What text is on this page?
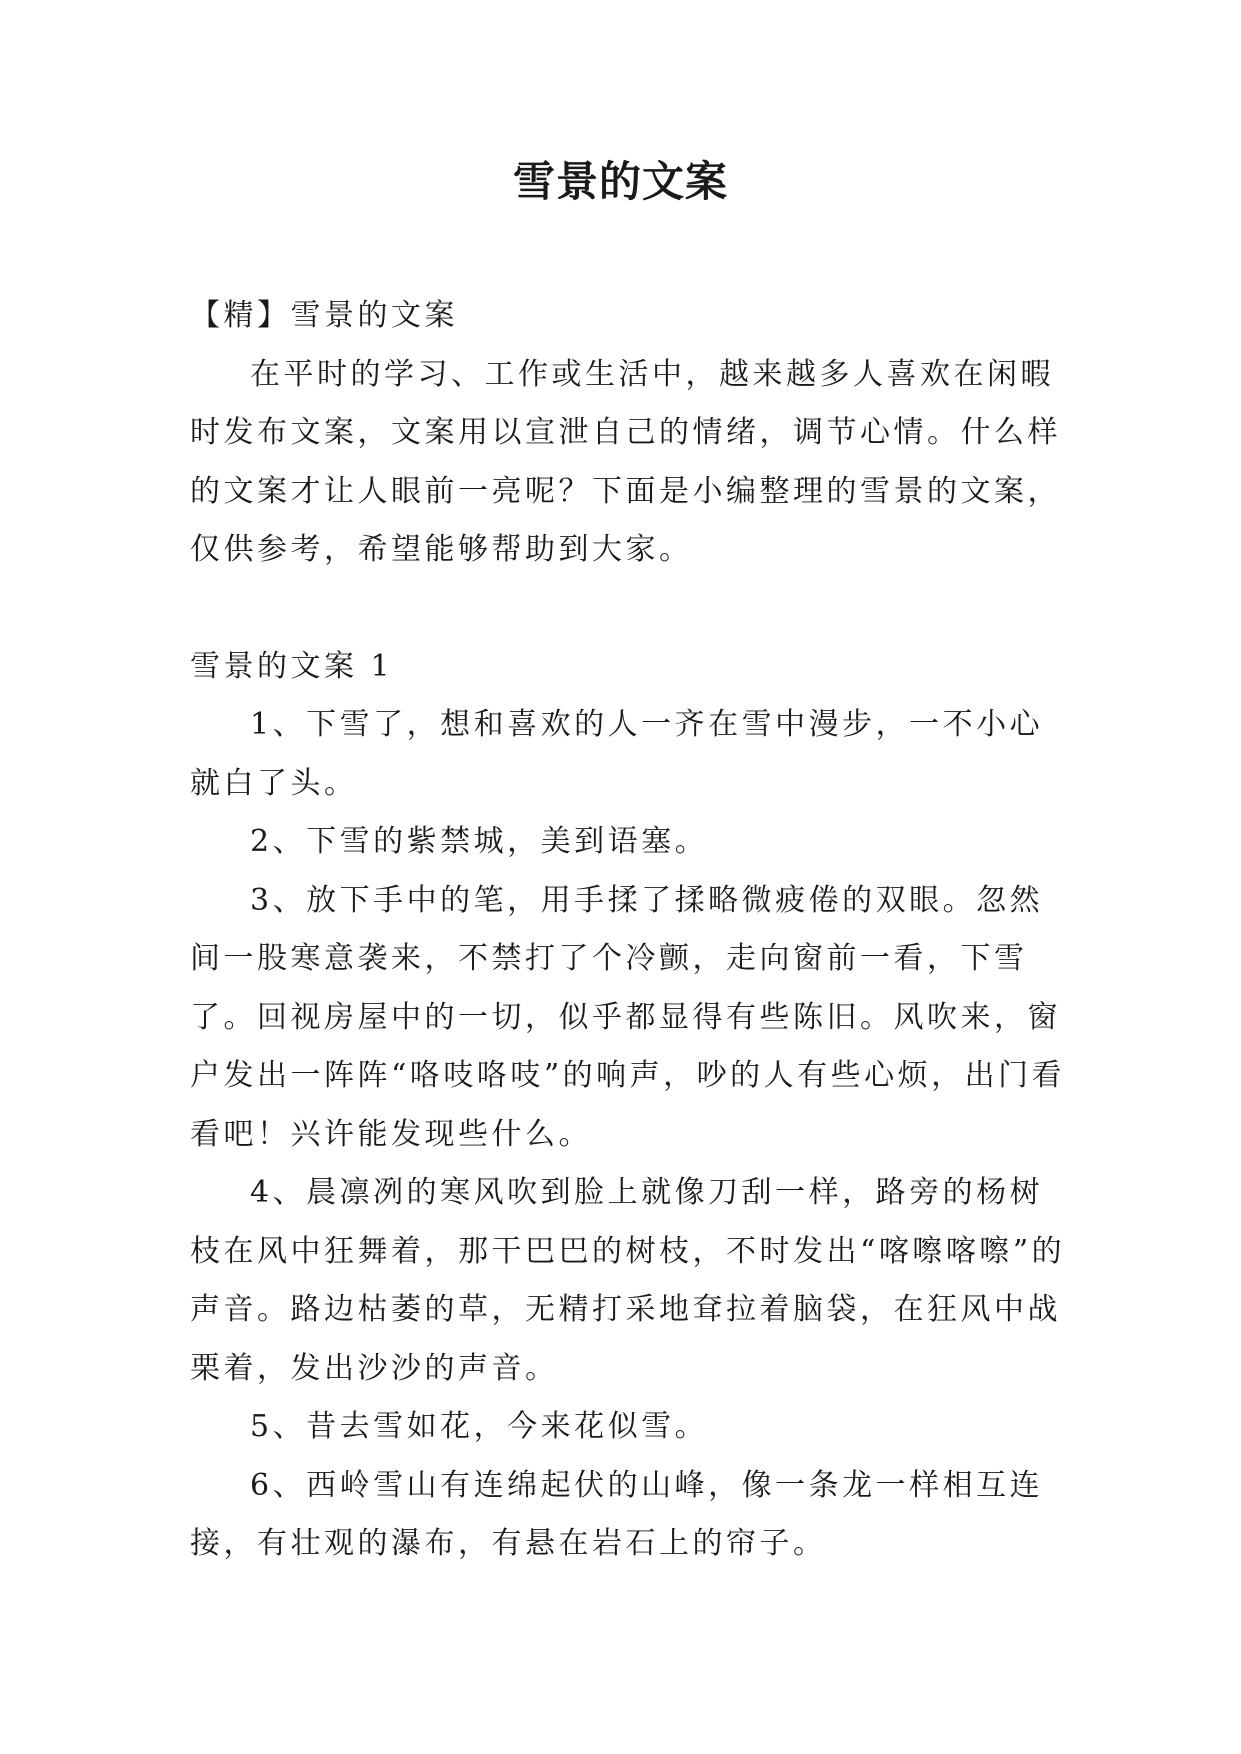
雪景的文案

【精】雪景的文案

在平时的学习、工作或生活中，越来越多人喜欢在闲暇时发布文案，文案用以宣泄自己的情绪，调节心情。什么样的文案才让人眼前一亮呢？下面是小编整理的雪景的文案，仅供参考，希望能够帮助到大家。

雪景的文案 1

1、下雪了，想和喜欢的人一齐在雪中漫步，一不小心就白了头。

2、下雪的紫禁城，美到语塞。

3、放下手中的笔，用手揉了揉略微疲倦的双眼。忽然间一股寒意袭来，不禁打了个冷颤，走向窗前一看，下雪了。回视房屋中的一切，似乎都显得有些陈旧。风吹来，窗户发出一阵阵“咯吱咯吱”的响声，吵的人有些心烦，出门看看吧！兴许能发现些什么。

4、晨凛冽的寒风吹到脸上就像刀刮一样，路旁的杨树枝在风中狂舞着，那干巴巴的树枝，不时发出“喀嚓喀嚓”的声音。路边枯萎的草，无精打采地耷拉着脑袋，在狂风中战栗着，发出沙沙的声音。

5、昔去雪如花，今来花似雪。

6、西岭雪山有连绵起伏的山峰，像一条龙一样相互连接，有壮观的瀑布，有悬在岩石上的帘子。
